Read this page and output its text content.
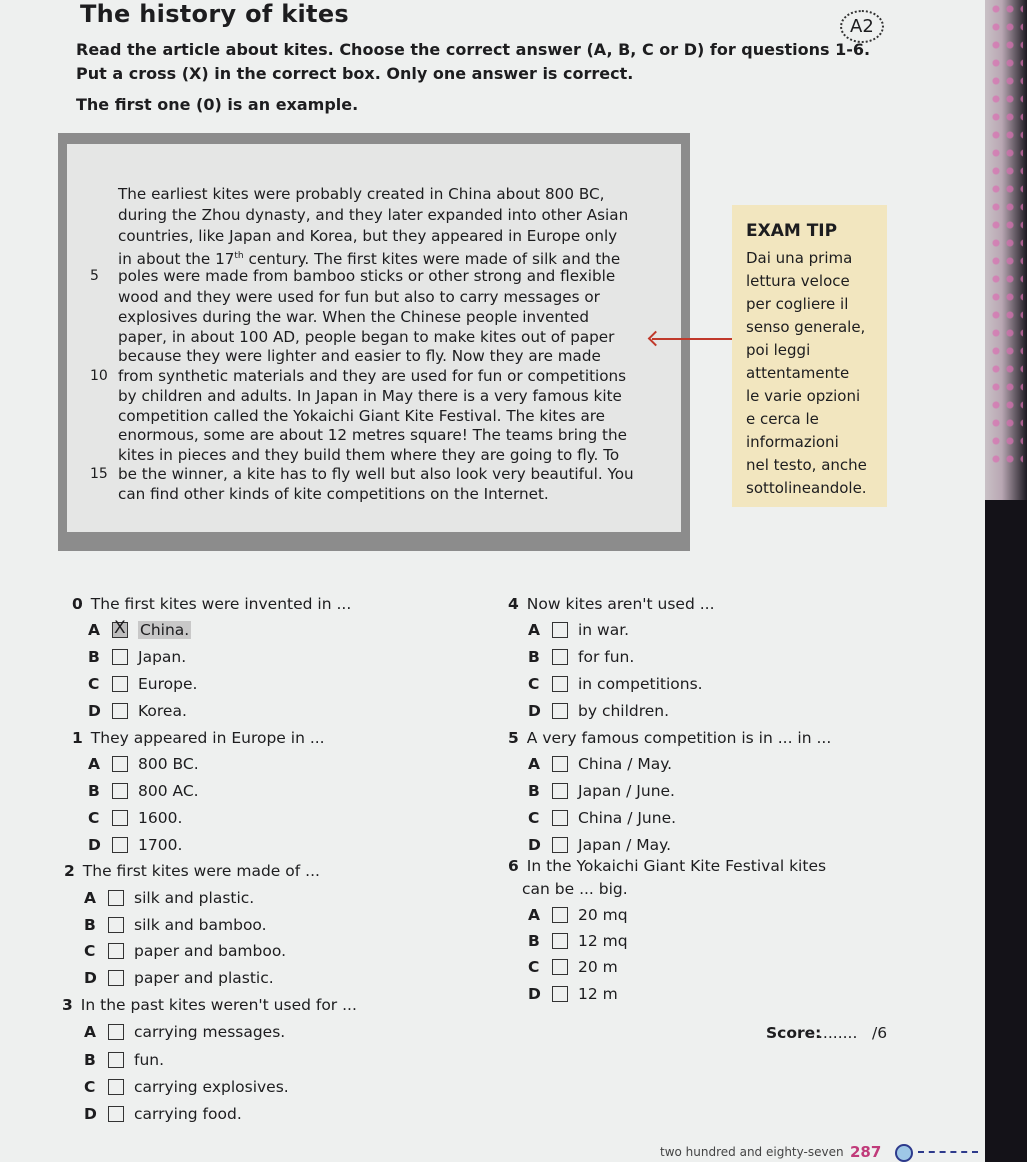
The history of kites	A2
Read the article about kites. Choose the correct answer (A, B, C or D) for questions 1-6.
Put a cross (X) in the correct box. Only one answer is correct.
The first one (0) is an example.
The earliest kites were probably created in China about 800 BC,
during the Zhou dynasty, and they later expanded into other Asian
countries, like Japan and Korea, but they appeared in Europe only
in about the 17th century. The first kites were made of silk and the
5 poles were made from bamboo sticks or other strong and flexible
wood and they were used for fun but also to carry messages or
explosives during the war. When the Chinese people invented
paper, in about 100 AD, people began to make kites out of paper
because they were lighter and easier to fly. Now they are made
10 from synthetic materials and they are used for fun or competitions
by children and adults. In Japan in May there is a very famous kite
competition called the Yokaichi Giant Kite Festival. The kites are
enormous, some are about 12 metres square! The teams bring the
kites in pieces and they build them where they are going to fly. To
15 be the winner, a kite has to fly well but also look very beautiful. You
can find other kinds of kite competitions on the Internet.
EXAM TIP
Dai una prima
lettura veloce
per cogliere il
senso generale,
poi leggi
attentamente
le varie opzioni
e cerca le
informazioni
nel testo, anche
sottolineandole.
0 The first kites were invented in ...
A X China.
B Japan.
C Europe.
D Korea.
1 They appeared in Europe in ...
A 800 BC.
B 800 AC.
C 1600.
D 1700.
2 The first kites were made of ...
A silk and plastic.
B silk and bamboo.
C paper and bamboo.
D paper and plastic.
3 In the past kites weren't used for ...
A carrying messages.
B fun.
C carrying explosives.
D carrying food.
4 Now kites aren't used ...
A in war.
B for fun.
C in competitions.
D by children.
5 A very famous competition is in ... in ...
A China / May.
B Japan / June.
C China / June.
D Japan / May.
6 In the Yokaichi Giant Kite Festival kites
can be ... big.
A 20 mq
B 12 mq
C 20 m
D 12 m
Score:
........ /6
two hundred and eighty-seven 287
